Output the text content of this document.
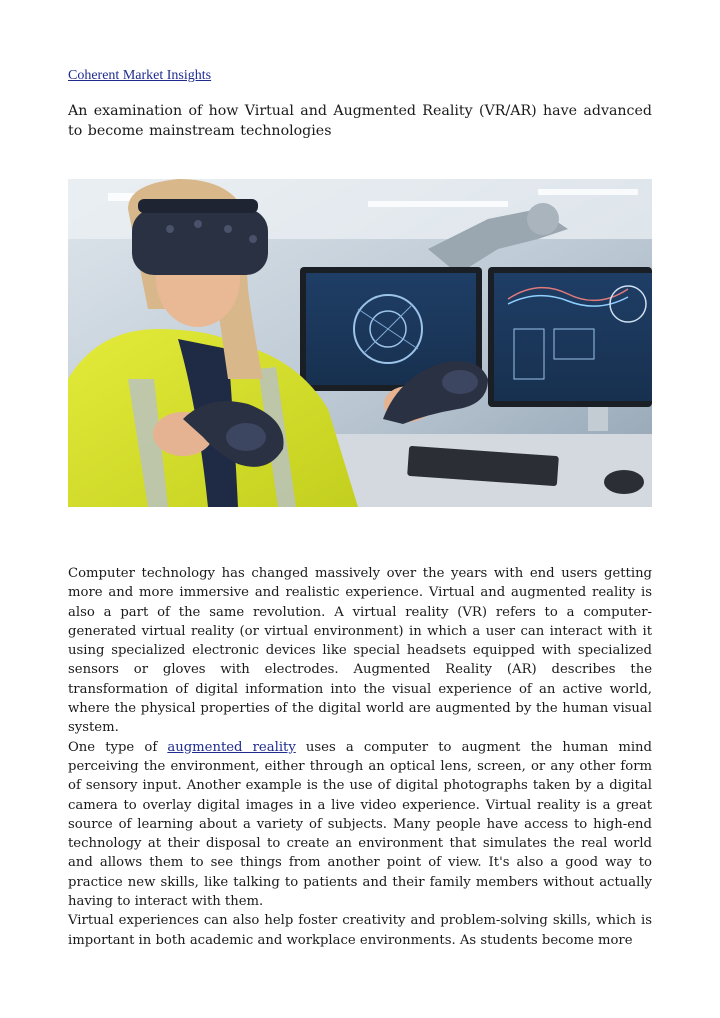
Coherent Market Insights
An examination of how Virtual and Augmented Reality (VR/AR) have advanced to become mainstream technologies

Computer technology has changed massively over the years with end users getting more and more immersive and realistic experience. Virtual and augmented reality is also a part of the same revolution. A virtual reality (VR) refers to a computer-generated virtual reality (or virtual environment) in which a user can interact with it using specialized electronic devices like special headsets equipped with specialized sensors or gloves with electrodes. Augmented Reality (AR) describes the transformation of digital information into the visual experience of an active world, where the physical properties of the digital world are augmented by the human visual system.

One type of augmented reality uses a computer to augment the human mind perceiving the environment, either through an optical lens, screen, or any other form of sensory input. Another example is the use of digital photographs taken by a digital camera to overlay digital images in a live video experience. Virtual reality is a great source of learning about a variety of subjects. Many people have access to high-end technology at their disposal to create an environment that simulates the real world and allows them to see things from another point of view. It's also a good way to practice new skills, like talking to patients and their family members without actually having to interact with them.

Virtual experiences can also help foster creativity and problem-solving skills, which is important in both academic and workplace environments. As students become more
